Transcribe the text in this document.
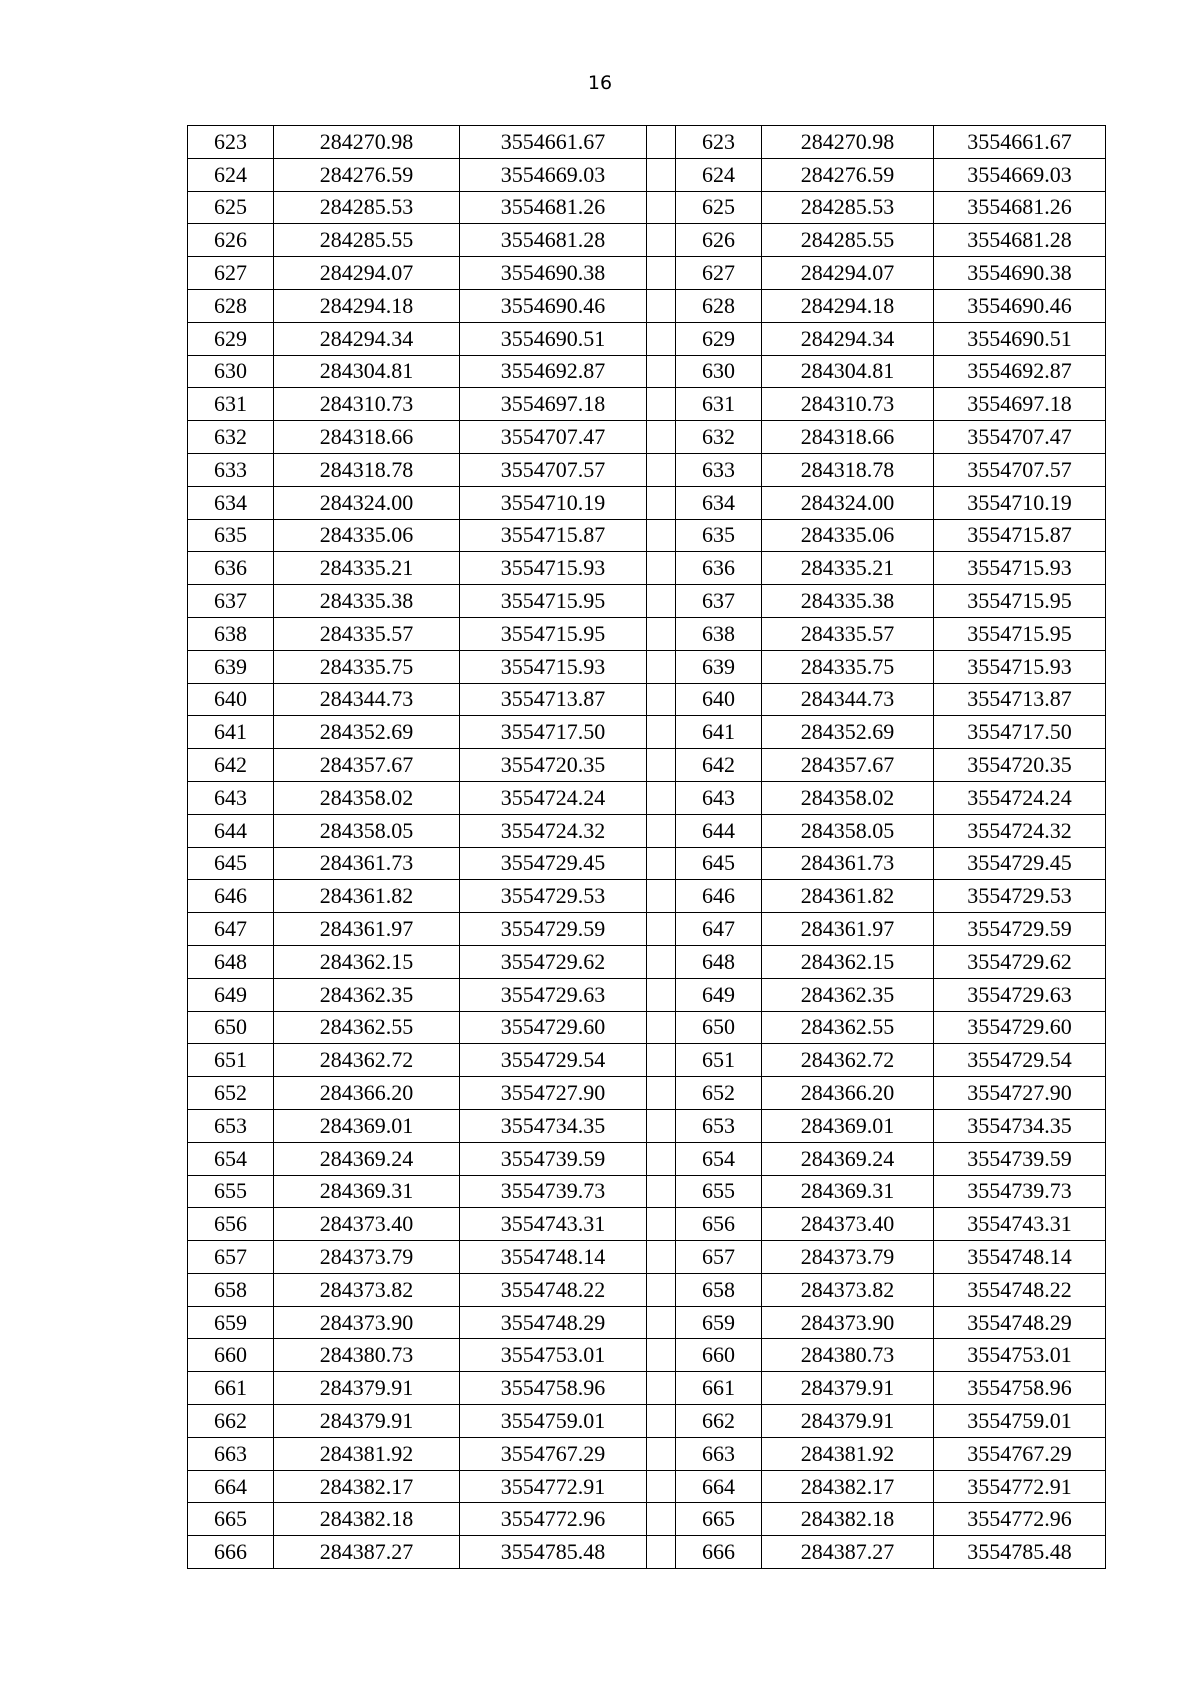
16
623	284270.98	3554661.67		623	284270.98	3554661.67
624	284276.59	3554669.03		624	284276.59	3554669.03
625	284285.53	3554681.26		625	284285.53	3554681.26
626	284285.55	3554681.28		626	284285.55	3554681.28
627	284294.07	3554690.38		627	284294.07	3554690.38
628	284294.18	3554690.46		628	284294.18	3554690.46
629	284294.34	3554690.51		629	284294.34	3554690.51
630	284304.81	3554692.87		630	284304.81	3554692.87
631	284310.73	3554697.18		631	284310.73	3554697.18
632	284318.66	3554707.47		632	284318.66	3554707.47
633	284318.78	3554707.57		633	284318.78	3554707.57
634	284324.00	3554710.19		634	284324.00	3554710.19
635	284335.06	3554715.87		635	284335.06	3554715.87
636	284335.21	3554715.93		636	284335.21	3554715.93
637	284335.38	3554715.95		637	284335.38	3554715.95
638	284335.57	3554715.95		638	284335.57	3554715.95
639	284335.75	3554715.93		639	284335.75	3554715.93
640	284344.73	3554713.87		640	284344.73	3554713.87
641	284352.69	3554717.50		641	284352.69	3554717.50
642	284357.67	3554720.35		642	284357.67	3554720.35
643	284358.02	3554724.24		643	284358.02	3554724.24
644	284358.05	3554724.32		644	284358.05	3554724.32
645	284361.73	3554729.45		645	284361.73	3554729.45
646	284361.82	3554729.53		646	284361.82	3554729.53
647	284361.97	3554729.59		647	284361.97	3554729.59
648	284362.15	3554729.62		648	284362.15	3554729.62
649	284362.35	3554729.63		649	284362.35	3554729.63
650	284362.55	3554729.60		650	284362.55	3554729.60
651	284362.72	3554729.54		651	284362.72	3554729.54
652	284366.20	3554727.90		652	284366.20	3554727.90
653	284369.01	3554734.35		653	284369.01	3554734.35
654	284369.24	3554739.59		654	284369.24	3554739.59
655	284369.31	3554739.73		655	284369.31	3554739.73
656	284373.40	3554743.31		656	284373.40	3554743.31
657	284373.79	3554748.14		657	284373.79	3554748.14
658	284373.82	3554748.22		658	284373.82	3554748.22
659	284373.90	3554748.29		659	284373.90	3554748.29
660	284380.73	3554753.01		660	284380.73	3554753.01
661	284379.91	3554758.96		661	284379.91	3554758.96
662	284379.91	3554759.01		662	284379.91	3554759.01
663	284381.92	3554767.29		663	284381.92	3554767.29
664	284382.17	3554772.91		664	284382.17	3554772.91
665	284382.18	3554772.96		665	284382.18	3554772.96
666	284387.27	3554785.48		666	284387.27	3554785.48
